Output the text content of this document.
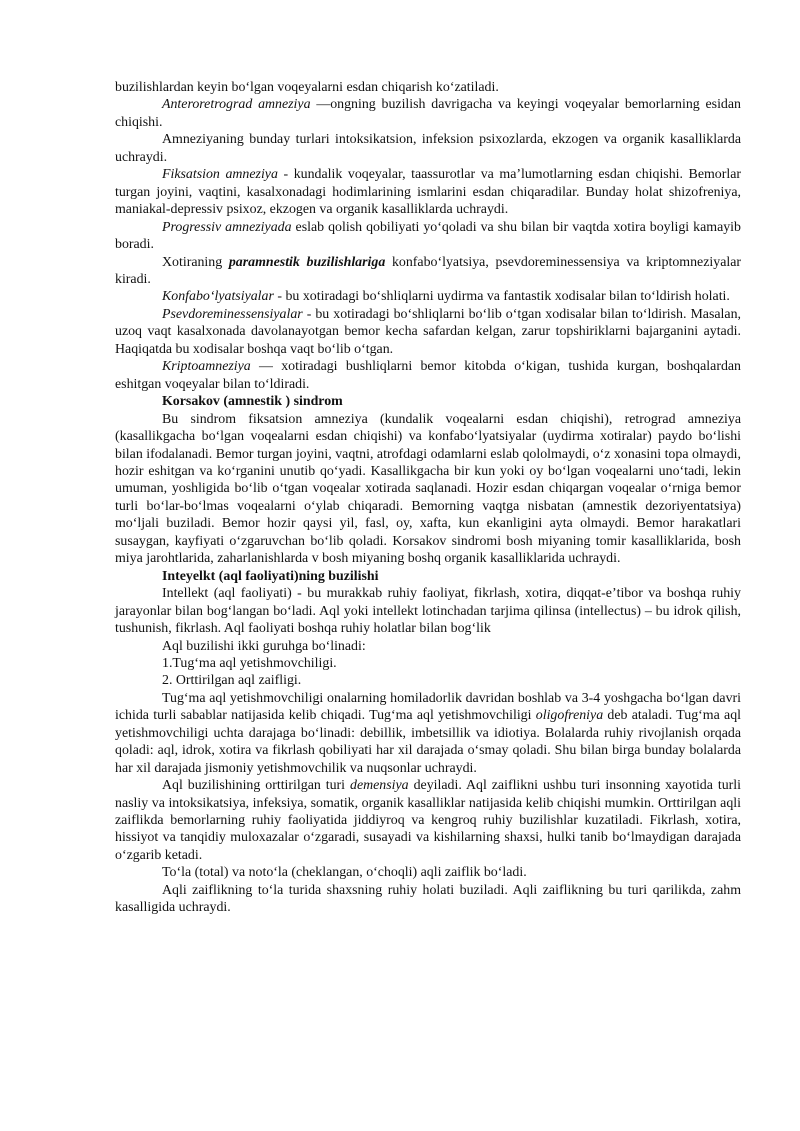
buzilishlardan keyin boʻlgan voqeyalarni esdan chiqarish koʻzatiladi.

Anteroretrograd amneziya —ongning buzilish davrigacha va keyingi voqeyalar bemorlarning esidan chiqishi.

Amneziyaning bunday turlari intoksikatsion, infeksion psixozlarda, ekzogen va organik kasalliklarda uchraydi.

Fiksatsion amneziya - kundalik voqeyalar, taassurotlar va maʼlumotlarning esdan chiqishi. Bemorlar turgan joyini, vaqtini, kasalxonadagi hodimlarining ismlarini esdan chiqaradilar. Bunday holat shizofreniya, maniakal-depressiv psixoz, ekzogen va organik kasalliklarda uchraydi.

Progressiv amneziyada eslab qolish qobiliyati yoʻqoladi va shu bilan bir vaqtda xotira boyligi kamayib boradi.

Xotiraning paramnestik buzilishlariga konfaboʻlyatsiya, psevdoreminessensiya va kriptomneziyalar kiradi.

Konfaboʻlyatsiyalar - bu xotiradagi boʻshliqlarni uydirma va fantastik xodisalar bilan toʻldirish holati.

Psevdoreminessensiyalar - bu xotiradagi boʻshliqlarni boʻlib oʻtgan xodisalar bilan toʻldirish. Masalan, uzoq vaqt kasalxonada davolanayotgan bemor kecha safardan kelgan, zarur topshiriklarni bajarganini aytadi. Haqiqatda bu xodisalar boshqa vaqt boʻlib oʻtgan.

Kriptoamneziya — xotiradagi bushliqlarni bemor kitobda oʻkigan, tushida kurgan, boshqalardan eshitgan voqeyalar bilan toʻldiradi.

Korsakov (amnestik ) sindrom

Bu sindrom fiksatsion amneziya (kundalik voqealarni esdan chiqishi), retrograd amneziya (kasallikgacha boʻlgan voqealarni esdan chiqishi) va konfaboʻlyatsiyalar (uydirma xotiralar) paydo boʻlishi bilan ifodalanadi. Bemor turgan joyini, vaqtni, atrofdagi odamlarni eslab qololmaydi, oʻz xonasini topa olmaydi, hozir eshitgan va koʻrganini unutib qoʻyadi. Kasallikgacha bir kun yoki oy boʻlgan voqealarni unoʻtadi, lekin umuman, yoshligida boʻlib oʻtgan voqealar xotirada saqlanadi. Hozir esdan chiqargan voqealar oʻrniga bemor turli boʻlar-boʻlmas voqealarni oʻylab chiqaradi. Bemorning vaqtga nisbatan (amnestik dezoriyentatsiya) moʻljali buziladi. Bemor hozir qaysi yil, fasl, oy, xafta, kun ekanligini ayta olmaydi. Bemor harakatlari susaygan, kayfiyati oʻzgaruvchan boʻlib qoladi. Korsakov sindromi bosh miyaning tomir kasalliklarida, bosh miya jarohtlarida, zaharlanishlarda v bosh miyaning boshq organik kasalliklarida uchraydi.

Inteyelkt (aql faoliyati)ning buzilishi

Intellekt (aql faoliyati) - bu murakkab ruhiy faoliyat, fikrlash, xotira, diqqat-eʼtibor va boshqa ruhiy jarayonlar bilan bogʻlangan boʻladi. Aql yoki intellekt lotinchadan tarjima qilinsa (intellectus) – bu idrok qilish, tushunish, fikrlash. Aql faoliyati boshqa ruhiy holatlar bilan bogʻlik

Aql buzilishi ikki guruhga boʻlinadi:

1.Tugʻma aql yetishmovchiligi.

2. Orttirilgan aql zaifligi.

Tugʻma aql yetishmovchiligi onalarning homiladorlik davridan boshlab va 3-4 yoshgacha boʻlgan davri ichida turli sabablar natijasida kelib chiqadi. Tugʻma aql yetishmovchiligi oligofreniya deb ataladi. Tugʻma aql yetishmovchiligi uchta darajaga boʻlinadi: debillik, imbetsillik va idiotiya. Bolalarda ruhiy rivojlanish orqada qoladi: aql, idrok, xotira va fikrlash qobiliyati har xil darajada oʻsmay qoladi. Shu bilan birga bunday bolalarda har xil darajada jismoniy yetishmovchilik va nuqsonlar uchraydi.

Aql buzilishining orttirilgan turi demensiya deyiladi. Aql zaiflikni ushbu turi insonning xayotida turli nasliy va intoksikatsiya, infeksiya, somatik, organik kasalliklar natijasida kelib chiqishi mumkin. Orttirilgan aqli zaiflikda bemorlarning ruhiy faoliyatida jiddiyroq va kengroq ruhiy buzilishlar kuzatiladi. Fikrlash, xotira, hissiyot va tanqidiy muloxazalar oʻzgaradi, susayadi va kishilarning shaxsi, hulki tanib boʻlmaydigan darajada oʻzgarib ketadi.

Toʻla (total) va notoʻla (cheklangan, oʻchoqli) aqli zaiflik boʻladi.

Aqli zaiflikning toʻla turida shaxsning ruhiy holati buziladi. Aqli zaiflikning bu turi qarilikda, zahm kasalligida uchraydi.
